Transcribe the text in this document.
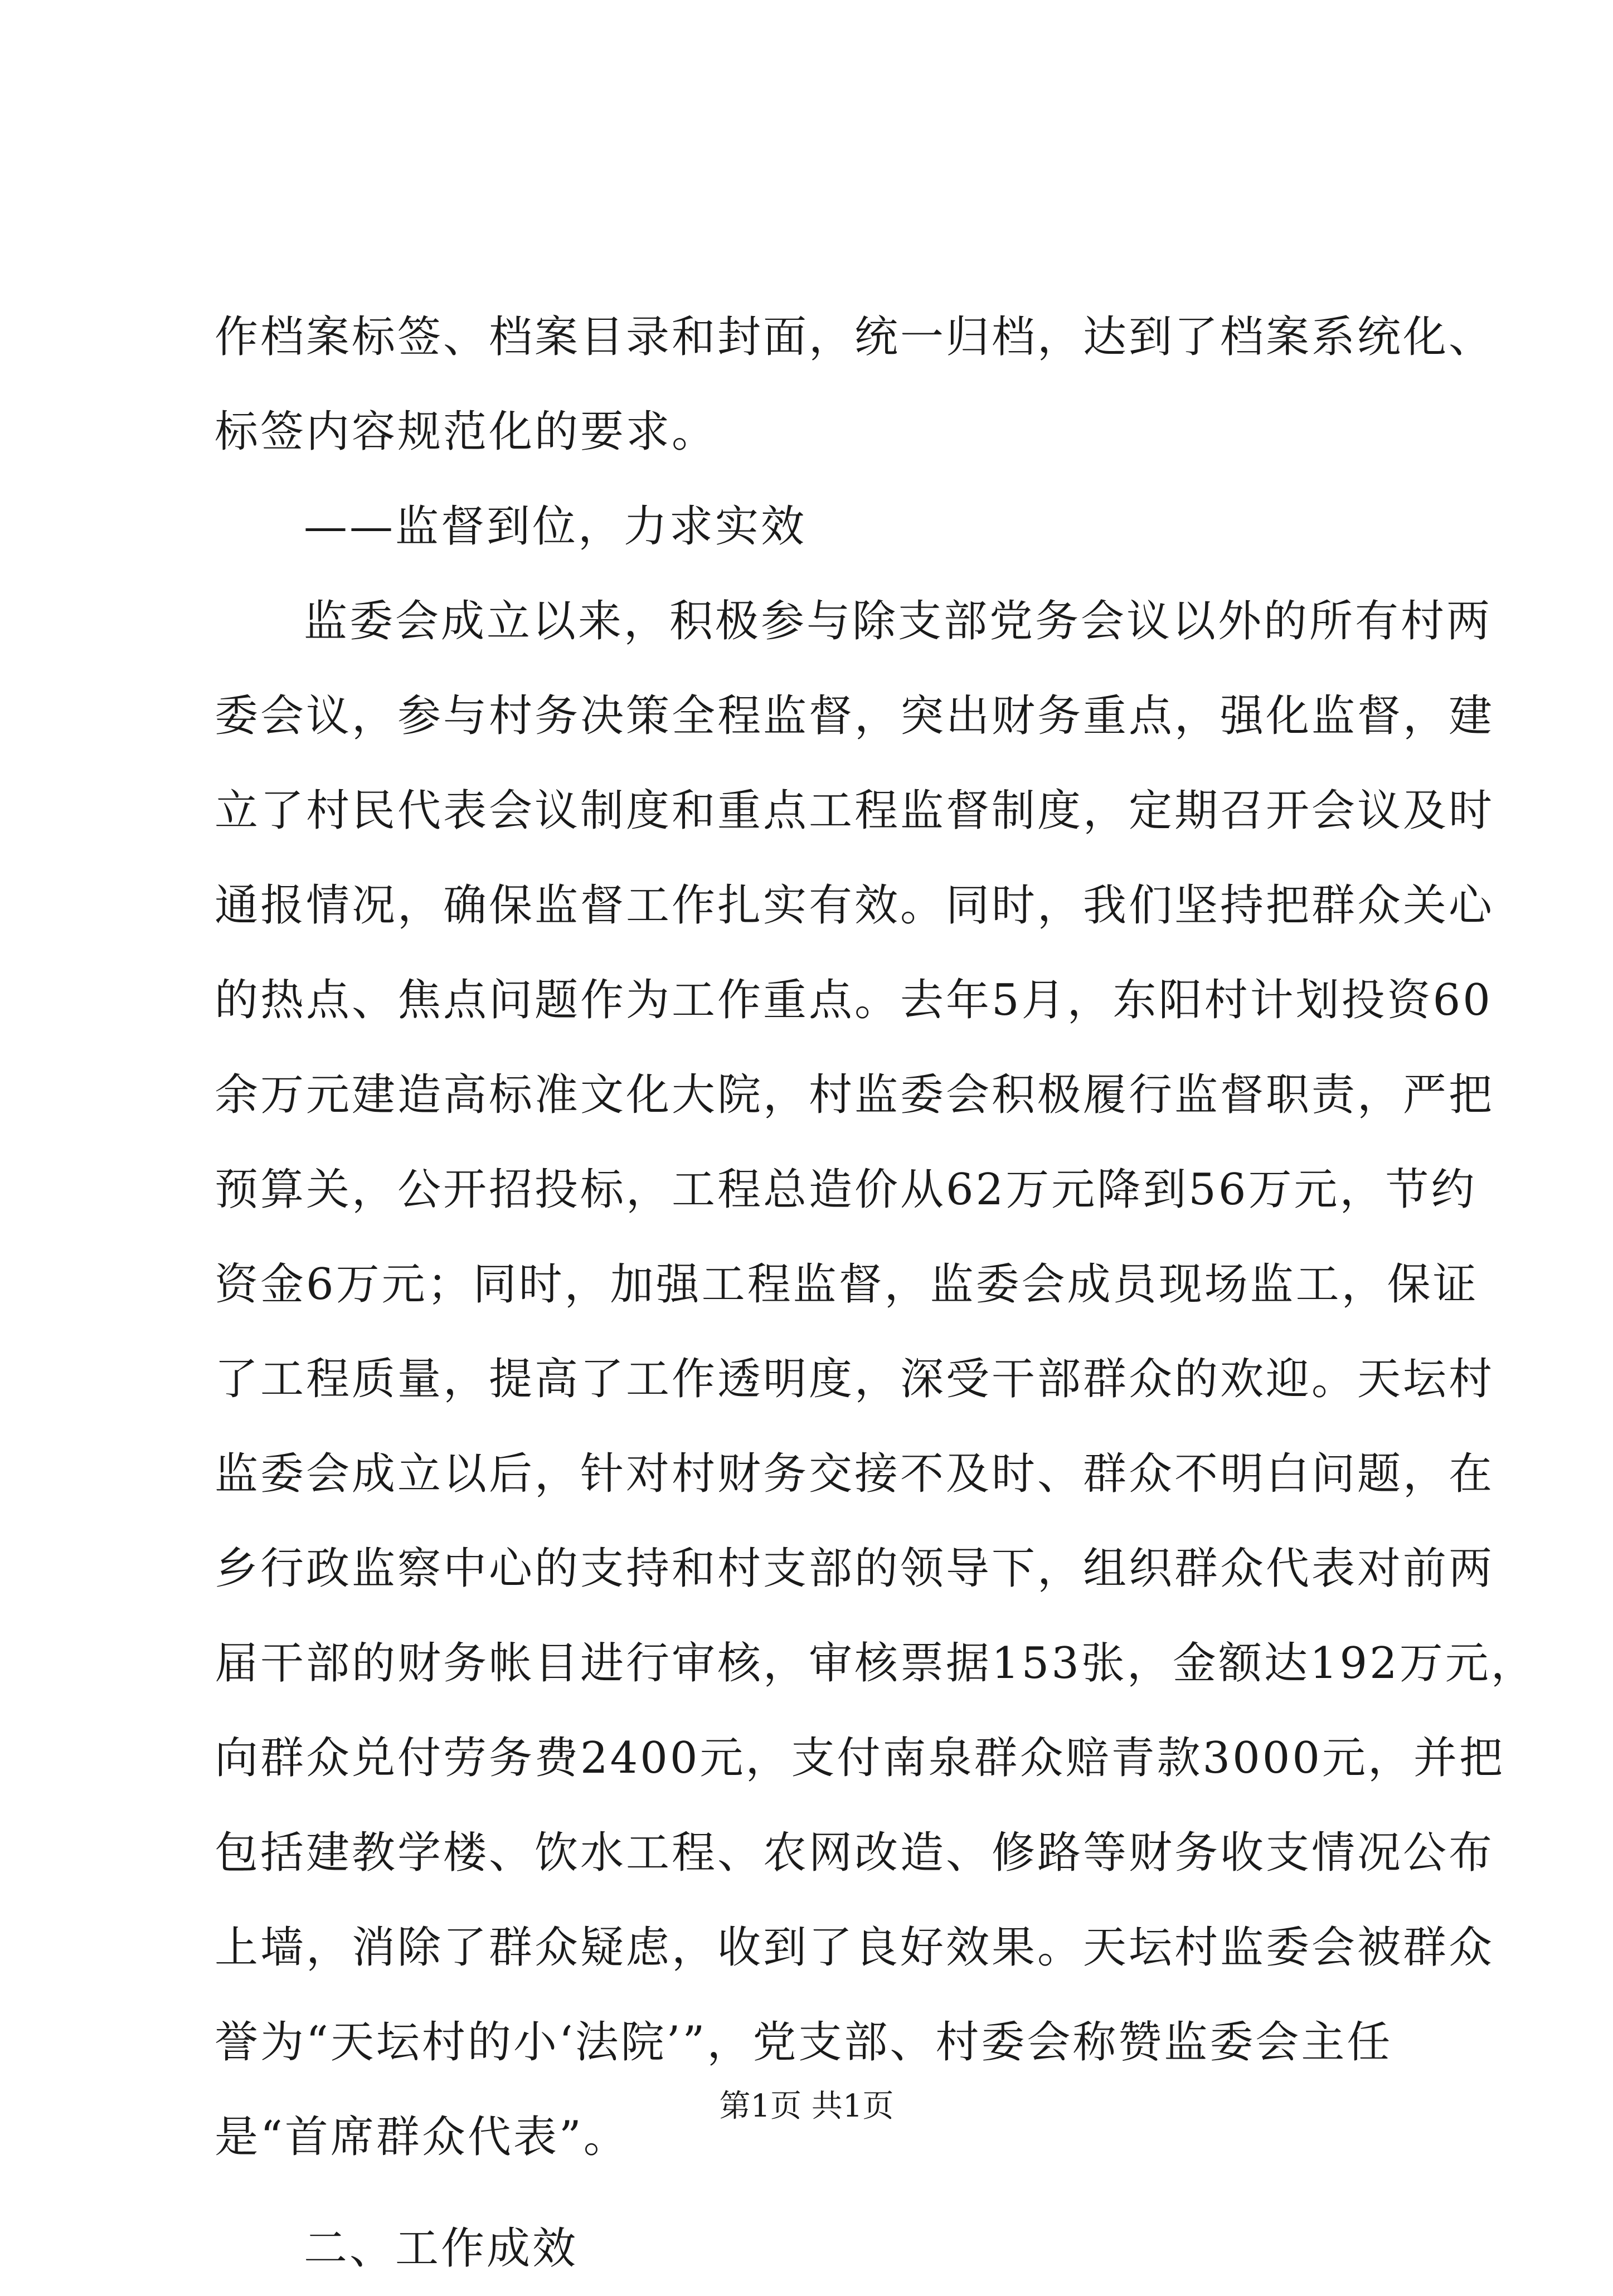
作档案标签、档案目录和封面，统一归档，达到了档案系统化、
标签内容规范化的要求。
——监督到位，力求实效
监委会成立以来，积极参与除支部党务会议以外的所有村两
委会议，参与村务决策全程监督，突出财务重点，强化监督，建
立了村民代表会议制度和重点工程监督制度，定期召开会议及时
通报情况，确保监督工作扎实有效。同时，我们坚持把群众关心
的热点、焦点问题作为工作重点。去年5月，东阳村计划投资60
余万元建造高标准文化大院，村监委会积极履行监督职责，严把
预算关，公开招投标，工程总造价从62万元降到56万元，节约
资金6万元；同时，加强工程监督，监委会成员现场监工，保证
了工程质量，提高了工作透明度，深受干部群众的欢迎。天坛村
监委会成立以后，针对村财务交接不及时、群众不明白问题，在
乡行政监察中心的支持和村支部的领导下，组织群众代表对前两
届干部的财务帐目进行审核，审核票据153张，金额达192万元，
向群众兑付劳务费2400元，支付南泉群众赔青款3000元，并把
包括建教学楼、饮水工程、农网改造、修路等财务收支情况公布
上墙，消除了群众疑虑，收到了良好效果。天坛村监委会被群众
誉为“天坛村的小‘法院’”，党支部、村委会称赞监委会主任
是“首席群众代表”。
二、工作成效
第1页 共1页
